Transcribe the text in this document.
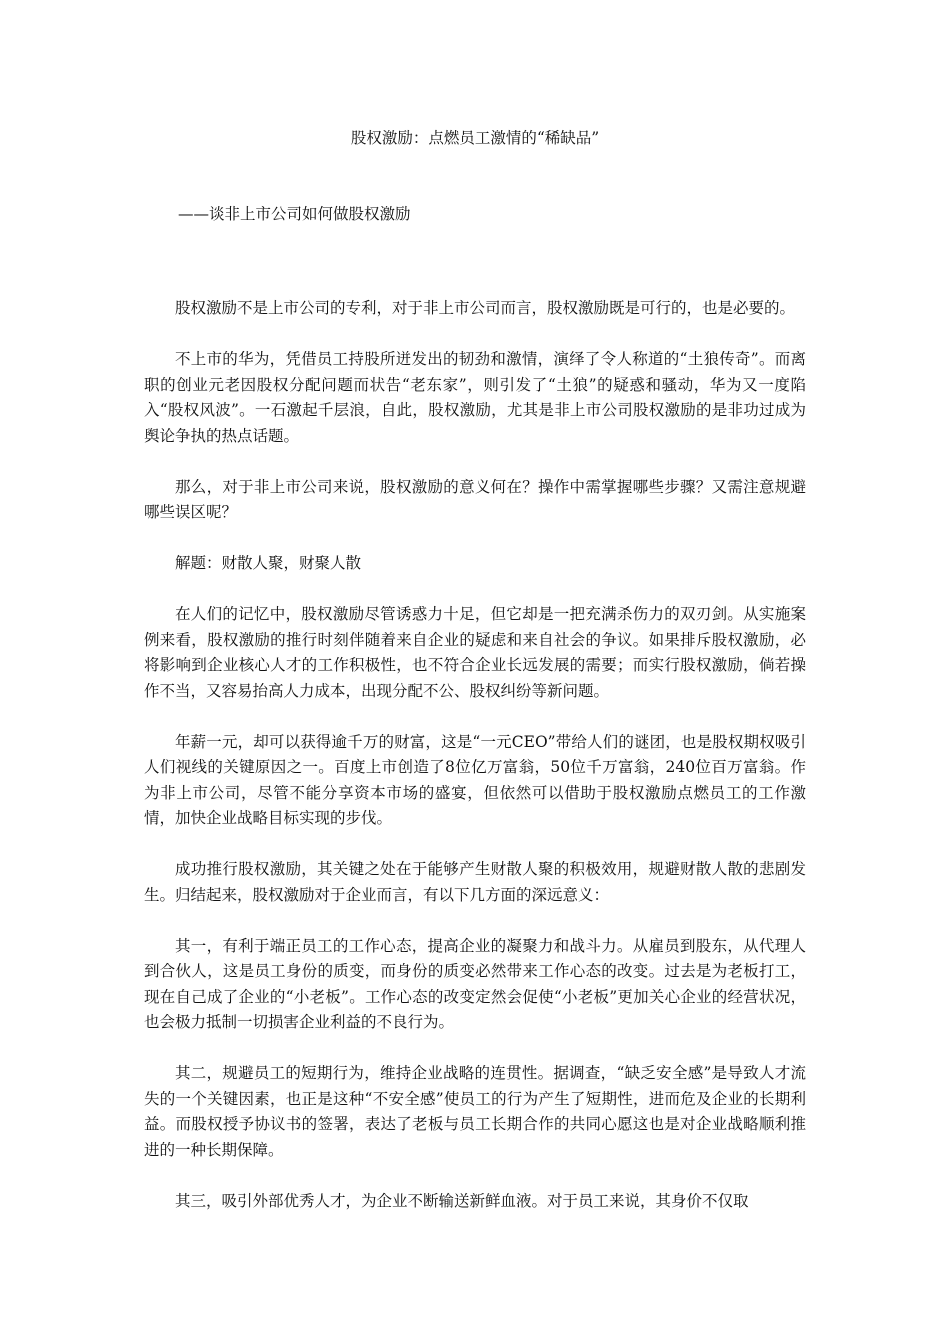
股权激励：点燃员工激情的“稀缺品”
——谈非上市公司如何做股权激励

股权激励不是上市公司的专利，对于非上市公司而言，股权激励既是可行的，也是必要的。

不上市的华为，凭借员工持股所迸发出的韧劲和激情，演绎了令人称道的“土狼传奇”。而离职的创业元老因股权分配问题而状告“老东家”，则引发了“土狼”的疑惑和骚动，华为又一度陷入“股权风波”。一石激起千层浪，自此，股权激励，尤其是非上市公司股权激励的是非功过成为舆论争执的热点话题。

那么，对于非上市公司来说，股权激励的意义何在？操作中需掌握哪些步骤？又需注意规避哪些误区呢？

解题：财散人聚，财聚人散

在人们的记忆中，股权激励尽管诱惑力十足，但它却是一把充满杀伤力的双刃剑。从实施案例来看，股权激励的推行时刻伴随着来自企业的疑虑和来自社会的争议。如果排斥股权激励，必将影响到企业核心人才的工作积极性，也不符合企业长远发展的需要；而实行股权激励，倘若操作不当，又容易抬高人力成本，出现分配不公、股权纠纷等新问题。

年薪一元，却可以获得逾千万的财富，这是“一元CEO”带给人们的谜团，也是股权期权吸引人们视线的关键原因之一。百度上市创造了8位亿万富翁，50位千万富翁，240位百万富翁。作为非上市公司，尽管不能分享资本市场的盛宴，但依然可以借助于股权激励点燃员工的工作激情，加快企业战略目标实现的步伐。

成功推行股权激励，其关键之处在于能够产生财散人聚的积极效用，规避财散人散的悲剧发生。归结起来，股权激励对于企业而言，有以下几方面的深远意义：

其一，有利于端正员工的工作心态，提高企业的凝聚力和战斗力。从雇员到股东，从代理人到合伙人，这是员工身份的质变，而身份的质变必然带来工作心态的改变。过去是为老板打工，现在自己成了企业的“小老板”。工作心态的改变定然会促使“小老板”更加关心企业的经营状况，也会极力抵制一切损害企业利益的不良行为。

其二，规避员工的短期行为，维持企业战略的连贯性。据调查，“缺乏安全感”是导致人才流失的一个关键因素，也正是这种“不安全感”使员工的行为产生了短期性，进而危及企业的长期利益。而股权授予协议书的签署，表达了老板与员工长期合作的共同心愿这也是对企业战略顺利推进的一种长期保障。

其三，吸引外部优秀人才，为企业不断输送新鲜血液。对于员工来说，其身价不仅取
